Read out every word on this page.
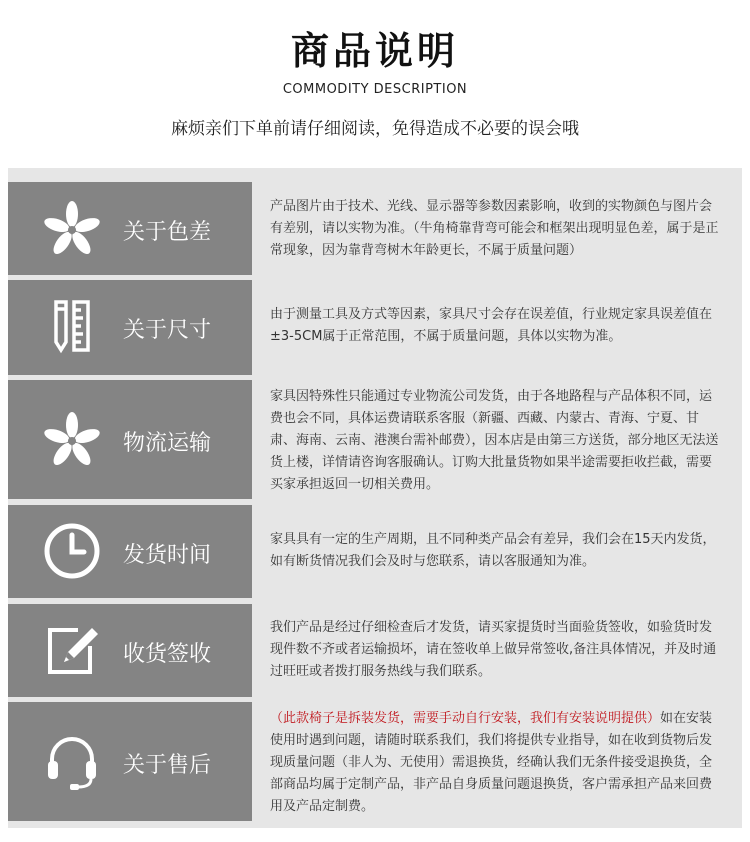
商品说明
COMMODITY DESCRIPTION
麻烦亲们下单前请仔细阅读，免得造成不必要的误会哦
关于色差
产品图片由于技术、光线、显示器等参数因素影响，收到的实物颜色与图片会有差别，请以实物为准。（牛角椅靠背弯可能会和框架出现明显色差，属于是正常现象，因为靠背弯树木年龄更长，不属于质量问题）
关于尺寸
由于测量工具及方式等因素，家具尺寸会存在误差值，行业规定家具误差值在±3-5CM属于正常范围，不属于质量问题，具体以实物为准。
物流运输
家具因特殊性只能通过专业物流公司发货，由于各地路程与产品体积不同，运费也会不同，具体运费请联系客服（新疆、西藏、内蒙古、青海、宁夏、甘肃、海南、云南、港澳台需补邮费），因本店是由第三方送货，部分地区无法送货上楼，详情请咨询客服确认。订购大批量货物如果半途需要拒收拦截，需要买家承担返回一切相关费用。
发货时间
家具具有一定的生产周期，且不同种类产品会有差异，我们会在15天内发货，如有断货情况我们会及时与您联系，请以客服通知为准。
收货签收
我们产品是经过仔细检查后才发货，请买家提货时当面验货签收，如验货时发现件数不齐或者运输损坏，请在签收单上做异常签收,备注具体情况，并及时通过旺旺或者拨打服务热线与我们联系。
关于售后
（此款椅子是拆装发货，需要手动自行安装，我们有安装说明提供）如在安装使用时遇到问题，请随时联系我们，我们将提供专业指导，如在收到货物后发现质量问题（非人为、无使用）需退换货，经确认我们无条件接受退换货，全部商品均属于定制产品，非产品自身质量问题退换货，客户需承担产品来回费用及产品定制费。
